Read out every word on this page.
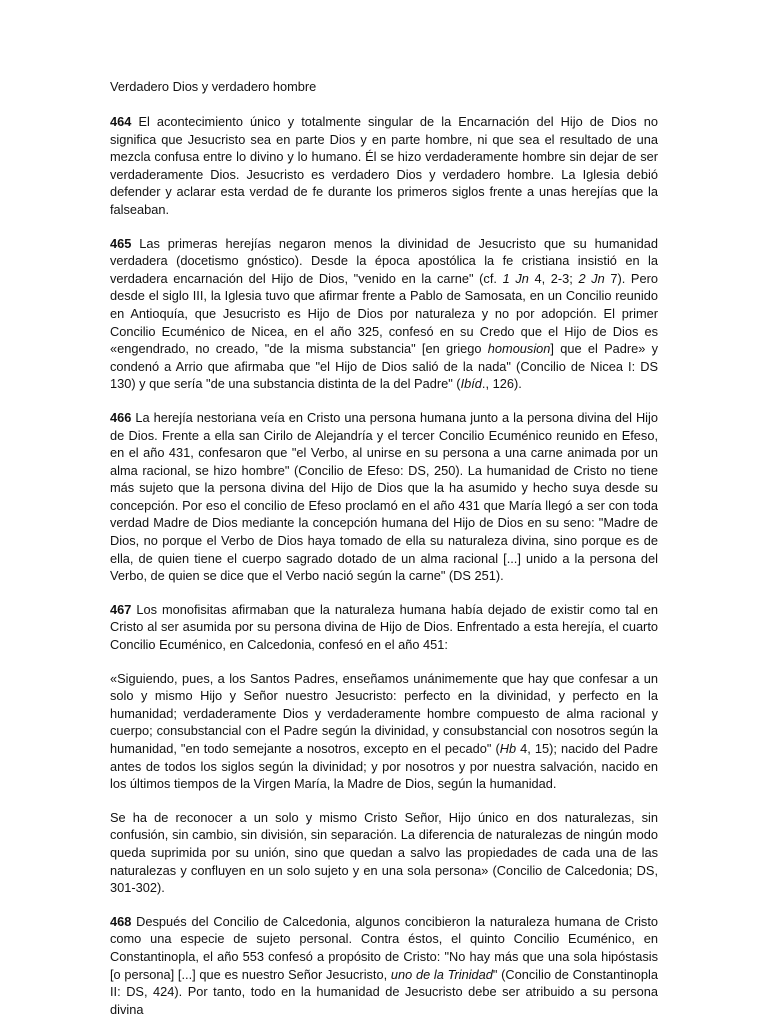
Verdadero Dios y verdadero hombre

464 El acontecimiento único y totalmente singular de la Encarnación del Hijo de Dios no significa que Jesucristo sea en parte Dios y en parte hombre, ni que sea el resultado de una mezcla confusa entre lo divino y lo humano. Él se hizo verdaderamente hombre sin dejar de ser verdaderamente Dios. Jesucristo es verdadero Dios y verdadero hombre. La Iglesia debió defender y aclarar esta verdad de fe durante los primeros siglos frente a unas herejías que la falseaban.

465 Las primeras herejías negaron menos la divinidad de Jesucristo que su humanidad verdadera (docetismo gnóstico). Desde la época apostólica la fe cristiana insistió en la verdadera encarnación del Hijo de Dios, "venido en la carne" (cf. 1 Jn 4, 2-3; 2 Jn 7). Pero desde el siglo III, la Iglesia tuvo que afirmar frente a Pablo de Samosata, en un Concilio reunido en Antioquía, que Jesucristo es Hijo de Dios por naturaleza y no por adopción. El primer Concilio Ecuménico de Nicea, en el año 325, confesó en su Credo que el Hijo de Dios es «engendrado, no creado, "de la misma substancia" [en griego homousion] que el Padre» y condenó a Arrio que afirmaba que "el Hijo de Dios salió de la nada" (Concilio de Nicea I: DS 130) y que sería "de una substancia distinta de la del Padre" (Ibíd., 126).

466 La herejía nestoriana veía en Cristo una persona humana junto a la persona divina del Hijo de Dios. Frente a ella san Cirilo de Alejandría y el tercer Concilio Ecuménico reunido en Efeso, en el año 431, confesaron que "el Verbo, al unirse en su persona a una carne animada por un alma racional, se hizo hombre" (Concilio de Efeso: DS, 250). La humanidad de Cristo no tiene más sujeto que la persona divina del Hijo de Dios que la ha asumido y hecho suya desde su concepción. Por eso el concilio de Efeso proclamó en el año 431 que María llegó a ser con toda verdad Madre de Dios mediante la concepción humana del Hijo de Dios en su seno: "Madre de Dios, no porque el Verbo de Dios haya tomado de ella su naturaleza divina, sino porque es de ella, de quien tiene el cuerpo sagrado dotado de un alma racional [...] unido a la persona del Verbo, de quien se dice que el Verbo nació según la carne" (DS 251).

467 Los monofisitas afirmaban que la naturaleza humana había dejado de existir como tal en Cristo al ser asumida por su persona divina de Hijo de Dios. Enfrentado a esta herejía, el cuarto Concilio Ecuménico, en Calcedonia, confesó en el año 451:

«Siguiendo, pues, a los Santos Padres, enseñamos unánimemente que hay que confesar a un solo y mismo Hijo y Señor nuestro Jesucristo: perfecto en la divinidad, y perfecto en la humanidad; verdaderamente Dios y verdaderamente hombre compuesto de alma racional y cuerpo; consubstancial con el Padre según la divinidad, y consubstancial con nosotros según la humanidad, "en todo semejante a nosotros, excepto en el pecado" (Hb 4, 15); nacido del Padre antes de todos los siglos según la divinidad; y por nosotros y por nuestra salvación, nacido en los últimos tiempos de la Virgen María, la Madre de Dios, según la humanidad.

Se ha de reconocer a un solo y mismo Cristo Señor, Hijo único en dos naturalezas, sin confusión, sin cambio, sin división, sin separación. La diferencia de naturalezas de ningún modo queda suprimida por su unión, sino que quedan a salvo las propiedades de cada una de las naturalezas y confluyen en un solo sujeto y en una sola persona» (Concilio de Calcedonia; DS, 301-302).

468 Después del Concilio de Calcedonia, algunos concibieron la naturaleza humana de Cristo como una especie de sujeto personal. Contra éstos, el quinto Concilio Ecuménico, en Constantinopla, el año 553 confesó a propósito de Cristo: "No hay más que una sola hipóstasis [o persona] [...] que es nuestro Señor Jesucristo, uno de la Trinidad" (Concilio de Constantinopla II: DS, 424). Por tanto, todo en la humanidad de Jesucristo debe ser atribuido a su persona divina
